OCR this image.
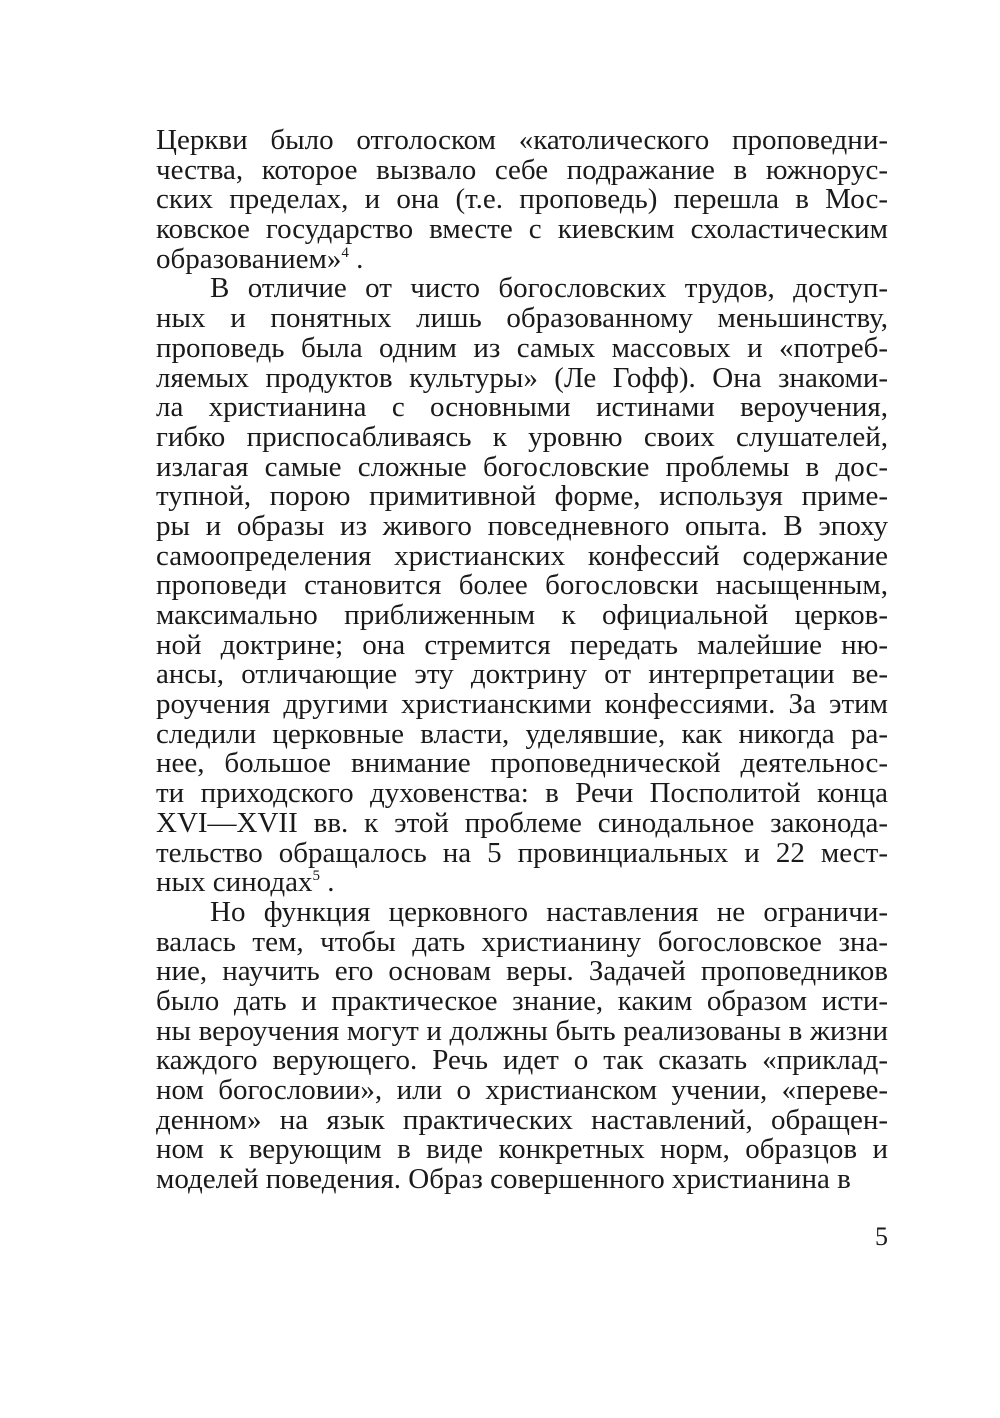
Церкви было отголоском «католического проповедни-
чества, которое вызвало себе подражание в южнорус-
ских пределах, и она (т.е. проповедь) перешла в Мос-
ковское государство вместе с киевским схоластическим
образованием»$^4$ .
В отличие от чисто богословских трудов, доступ-
ных и понятных лишь образованному меньшинству,
проповедь была одним из самых массовых и «потреб-
ляемых продуктов культуры» (Ле Гофф). Она знакоми-
ла христианина с основными истинами вероучения,
гибко приспосабливаясь к уровню своих слушателей,
излагая самые сложные богословские проблемы в дос-
тупной, порою примитивной форме, используя приме-
ры и образы из живого повседневного опыта. В эпоху
самоопределения христианских конфессий содержание
проповеди становится более богословски насыщенным,
максимально приближенным к официальной церков-
ной доктрине; она стремится передать малейшие ню-
ансы, отличающие эту доктрину от интерпретации ве-
роучения другими христианскими конфессиями. За этим
следили церковные власти, уделявшие, как никогда ра-
нее, большое внимание проповеднической деятельнос-
ти приходского духовенства: в Речи Посполитой конца
XVI—XVII вв. к этой проблеме синодальное законода-
тельство обращалось на 5 провинциальных и 22 мест-
ных синодах$^5$ .
Но функция церковного наставления не ограничи-
валась тем, чтобы дать христианину богословское зна-
ние, научить его основам веры. Задачей проповедников
было дать и практическое знание, каким образом исти-
ны вероучения могут и должны быть реализованы в жизни
каждого верующего. Речь идет о так сказать «приклад-
ном богословии», или о христианском учении, «переве-
денном» на язык практических наставлений, обращен-
ном к верующим в виде конкретных норм, образцов и
моделей поведения. Образ совершенного христианина в
5
